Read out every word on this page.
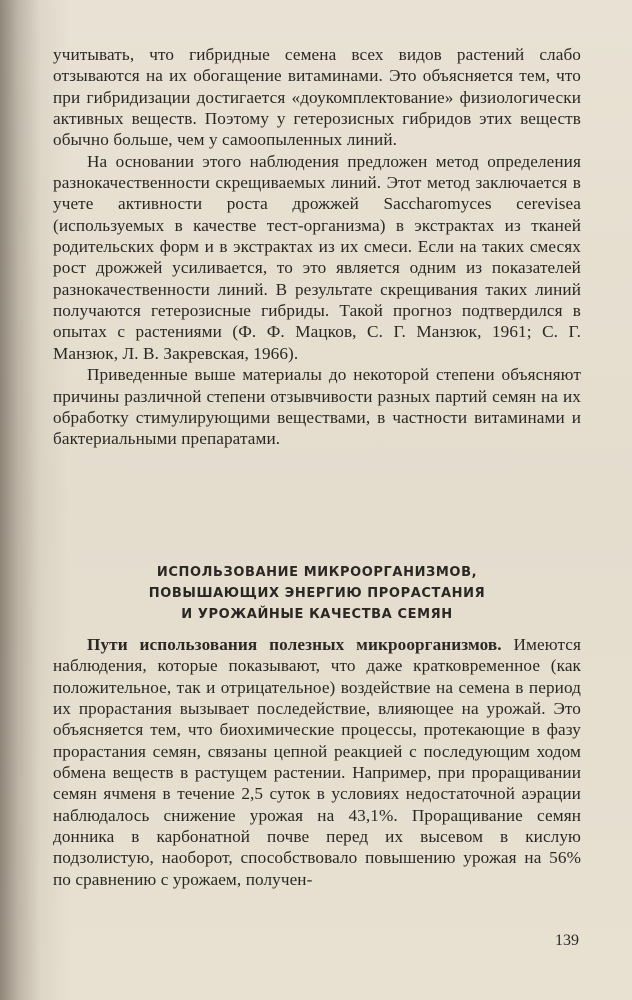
учитывать, что гибридные семена всех видов растений слабо отзываются на их обогащение витаминами. Это объясняется тем, что при гибридизации достигается «доукомплектование» физиологически активных веществ. Поэтому у гетерозисных гибридов этих веществ обычно больше, чем у самоопыленных линий.

На основании этого наблюдения предложен метод определения разнокачественности скрещиваемых линий. Этот метод заключается в учете активности роста дрожжей Saccharomyces cerevisea (используемых в качестве тест-организма) в экстрактах из тканей родительских форм и в экстрактах из их смеси. Если на таких смесях рост дрожжей усиливается, то это является одним из показателей разнокачественности линий. В результате скрещивания таких линий получаются гетерозисные гибриды. Такой прогноз подтвердился в опытах с растениями (Ф. Ф. Мацков, С. Г. Манзюк, 1961; С. Г. Манзюк, Л. В. Закревская, 1966).

Приведенные выше материалы до некоторой степени объясняют причины различной степени отзывчивости разных партий семян на их обработку стимулирующими веществами, в частности витаминами и бактериальными препаратами.

ИСПОЛЬЗОВАНИЕ МИКРООРГАНИЗМОВ,
ПОВЫШАЮЩИХ ЭНЕРГИЮ ПРОРАСТАНИЯ
И УРОЖАЙНЫЕ КАЧЕСТВА СЕМЯН

Пути использования полезных микроорганизмов. Имеются наблюдения, которые показывают, что даже кратковременное (как положительное, так и отрицательное) воздействие на семена в период их прорастания вызывает последействие, влияющее на урожай. Это объясняется тем, что биохимические процессы, протекающие в фазу прорастания семян, связаны цепной реакцией с последующим ходом обмена веществ в растущем растении. Например, при проращивании семян ячменя в течение 2,5 суток в условиях недостаточной аэрации наблюдалось снижение урожая на 43,1%. Проращивание семян донника в карбонатной почве перед их высевом в кислую подзолистую, наоборот, способствовало повышению урожая на 56% по сравнению с урожаем, получен-

139
